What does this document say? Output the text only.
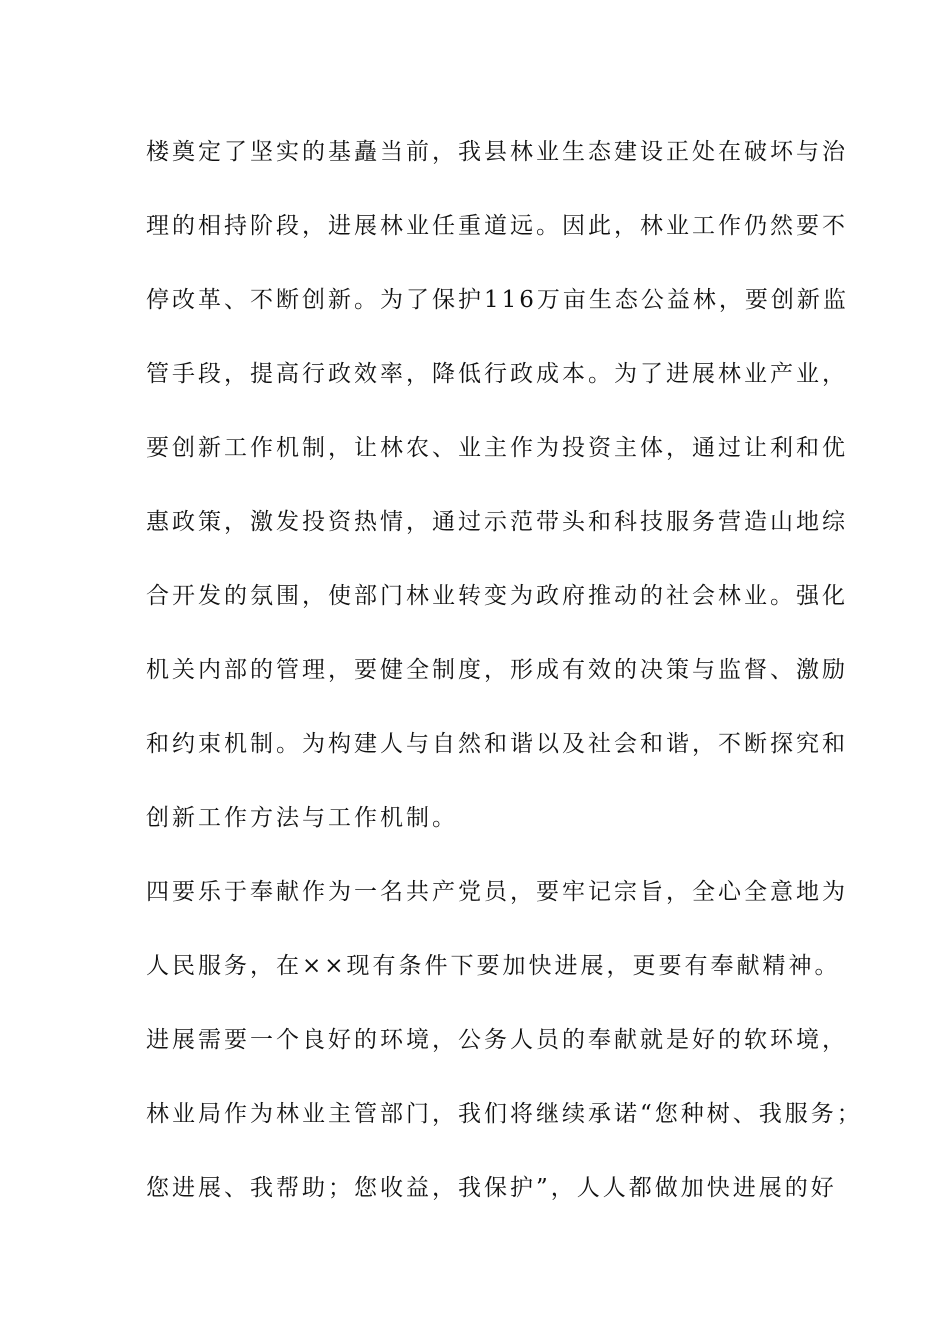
楼奠定了坚实的基矗当前，我县林业生态建设正处在破坏与治
理的相持阶段，进展林业任重道远。因此，林业工作仍然要不
停改革、不断创新。为了保护116万亩生态公益林，要创新监
管手段，提高行政效率，降低行政成本。为了进展林业产业，
要创新工作机制，让林农、业主作为投资主体，通过让利和优
惠政策，激发投资热情，通过示范带头和科技服务营造山地综
合开发的氛围，使部门林业转变为政府推动的社会林业。强化
机关内部的管理，要健全制度，形成有效的决策与监督、激励
和约束机制。为构建人与自然和谐以及社会和谐，不断探究和
创新工作方法与工作机制。
四要乐于奉献作为一名共产党员，要牢记宗旨，全心全意地为
人民服务，在××现有条件下要加快进展，更要有奉献精神。
进展需要一个良好的环境，公务人员的奉献就是好的软环境，
林业局作为林业主管部门，我们将继续承诺“您种树、我服务；
您进展、我帮助；您收益，我保护”，人人都做加快进展的好
